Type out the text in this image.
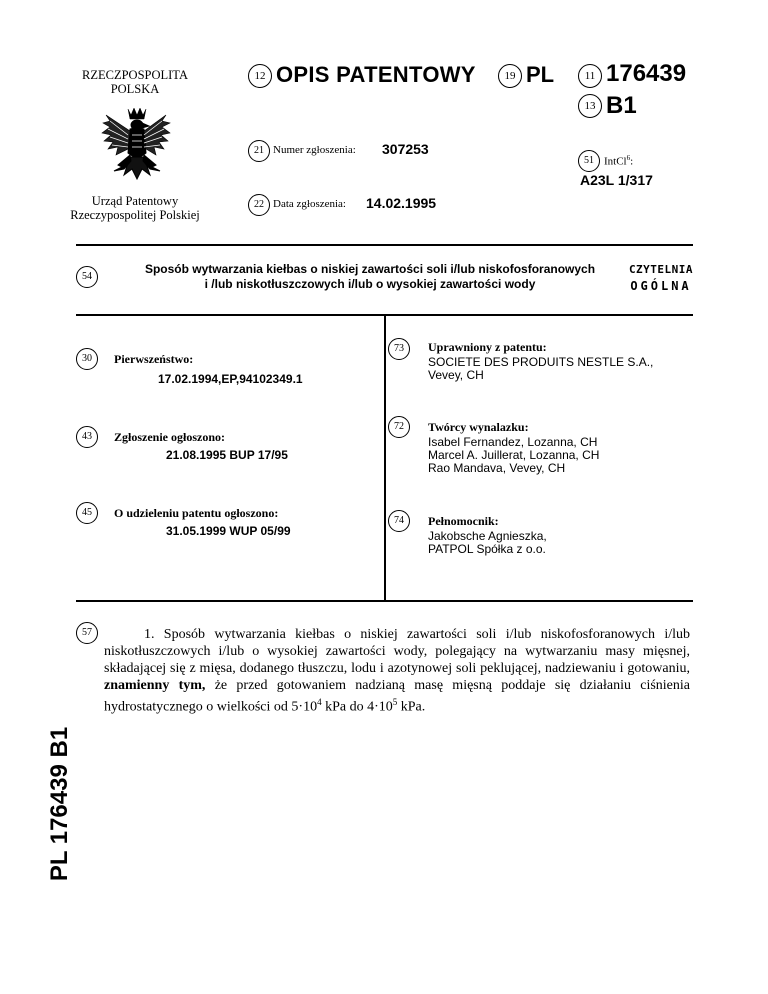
RZECZPOSPOLITA
POLSKA
Urząd Patentowy
Rzeczypospolitej Polskiej
12 OPIS PATENTOWY	19 PL	11 176439
13 B1
21 Numer zgłoszenia: 307253
22 Data zgłoszenia: 14.02.1995
51 IntCl$^6$:
A23L 1/317
54
Sposób wytwarzania kiełbas o niskiej zawartości soli i/lub niskofosforanowych
i /lub niskotłuszczowych i/lub o wysokiej zawartości wody
CZYTELNIA
OGÓLNA
30	Pierwszeństwo:
17.02.1994,EP,94102349.1
43	Zgłoszenie ogłoszono:
21.08.1995 BUP 17/95
45	O udzieleniu patentu ogłoszono:
31.05.1999 WUP 05/99
73	Uprawniony z patentu:
SOCIETE DES PRODUITS NESTLE S.A.,
Vevey, CH
72	Twórcy wynalazku:
Isabel Fernandez, Lozanna, CH
Marcel A. Juillerat, Lozanna, CH
Rao Mandava, Vevey, CH
74	Pełnomocnik:
Jakobsche Agnieszka,
PATPOL Spółka z o.o.
57	1. Sposób wytwarzania kiełbas o niskiej zawartości soli i/lub niskofosforanowych i/lub niskotłuszczowych i/lub o wysokiej zawartości wody, polegający na wytwarzaniu masy mięsnej, składającej się z mięsa, dodanego tłuszczu, lodu i azotynowej soli peklującej, nadziewaniu i gotowaniu, znamienny tym, że przed gotowaniem nadzianą masę mięsną poddaje się działaniu ciśnienia hydrostatycznego o wielkości od $5\cdot 10^4$ kPa do $4\cdot 10^5$ kPa.
PL 176439 B1
